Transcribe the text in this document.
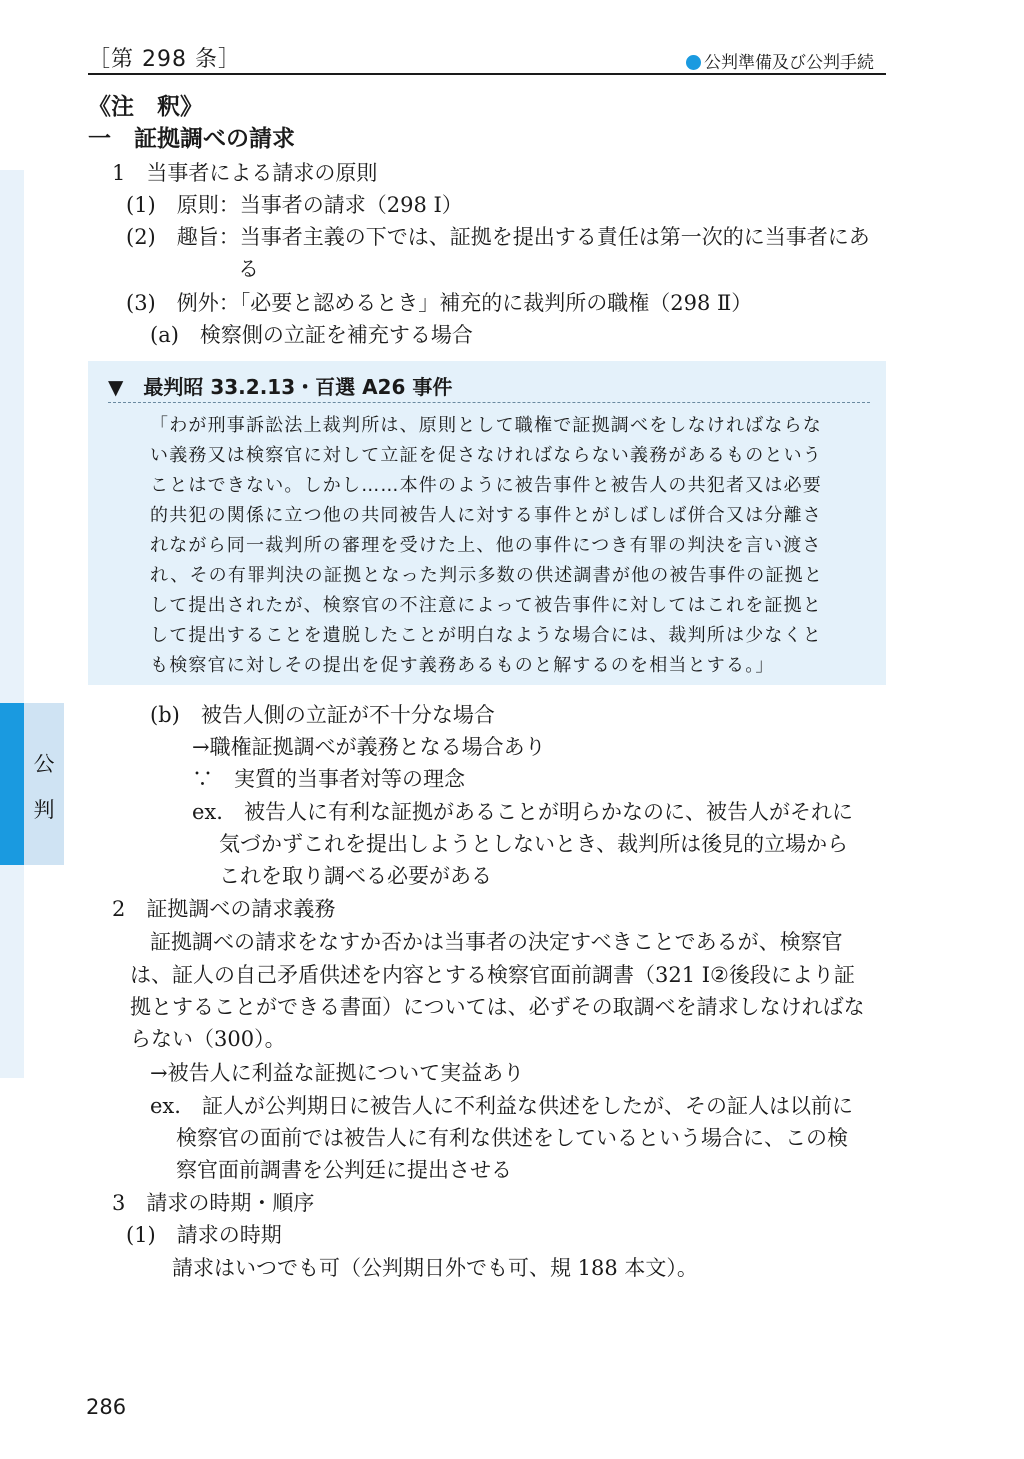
公
判
［第 298 条］	公判準備及び公判手続
《注　釈》
一　証拠調べの請求
1　当事者による請求の原則
(1)　原則：当事者の請求（298 Ⅰ）
(2)　趣旨：当事者主義の下では、証拠を提出する責任は第一次的に当事者にあ
る
(3)　例外：「必要と認めるとき」補充的に裁判所の職権（298 Ⅱ）
(a)　検察側の立証を補充する場合
▼　最判昭 33.2.13・百選 A26 事件
「わが刑事訴訟法上裁判所は、原則として職権で証拠調べをしなければならな
い義務又は検察官に対して立証を促さなければならない義務があるものという
ことはできない。しかし……本件のように被告事件と被告人の共犯者又は必要
的共犯の関係に立つ他の共同被告人に対する事件とがしばしば併合又は分離さ
れながら同一裁判所の審理を受けた上、他の事件につき有罪の判決を言い渡さ
れ、その有罪判決の証拠となった判示多数の供述調書が他の被告事件の証拠と
して提出されたが、検察官の不注意によって被告事件に対してはこれを証拠と
して提出することを遺脱したことが明白なような場合には、裁判所は少なくと
も検察官に対しその提出を促す義務あるものと解するのを相当とする。」
(b)　被告人側の立証が不十分な場合
→職権証拠調べが義務となる場合あり
∵　実質的当事者対等の理念
ex.　被告人に有利な証拠があることが明らかなのに、被告人がそれに
気づかずこれを提出しようとしないとき、裁判所は後見的立場から
これを取り調べる必要がある
2　証拠調べの請求義務
証拠調べの請求をなすか否かは当事者の決定すべきことであるが、検察官
は、証人の自己矛盾供述を内容とする検察官面前調書（321 Ⅰ②後段により証
拠とすることができる書面）については、必ずその取調べを請求しなければな
らない（300）。
→被告人に利益な証拠について実益あり
ex.　証人が公判期日に被告人に不利益な供述をしたが、その証人は以前に
検察官の面前では被告人に有利な供述をしているという場合に、この検
察官面前調書を公判廷に提出させる
3　請求の時期・順序
(1)　請求の時期
請求はいつでも可（公判期日外でも可、規 188 本文）。
286
